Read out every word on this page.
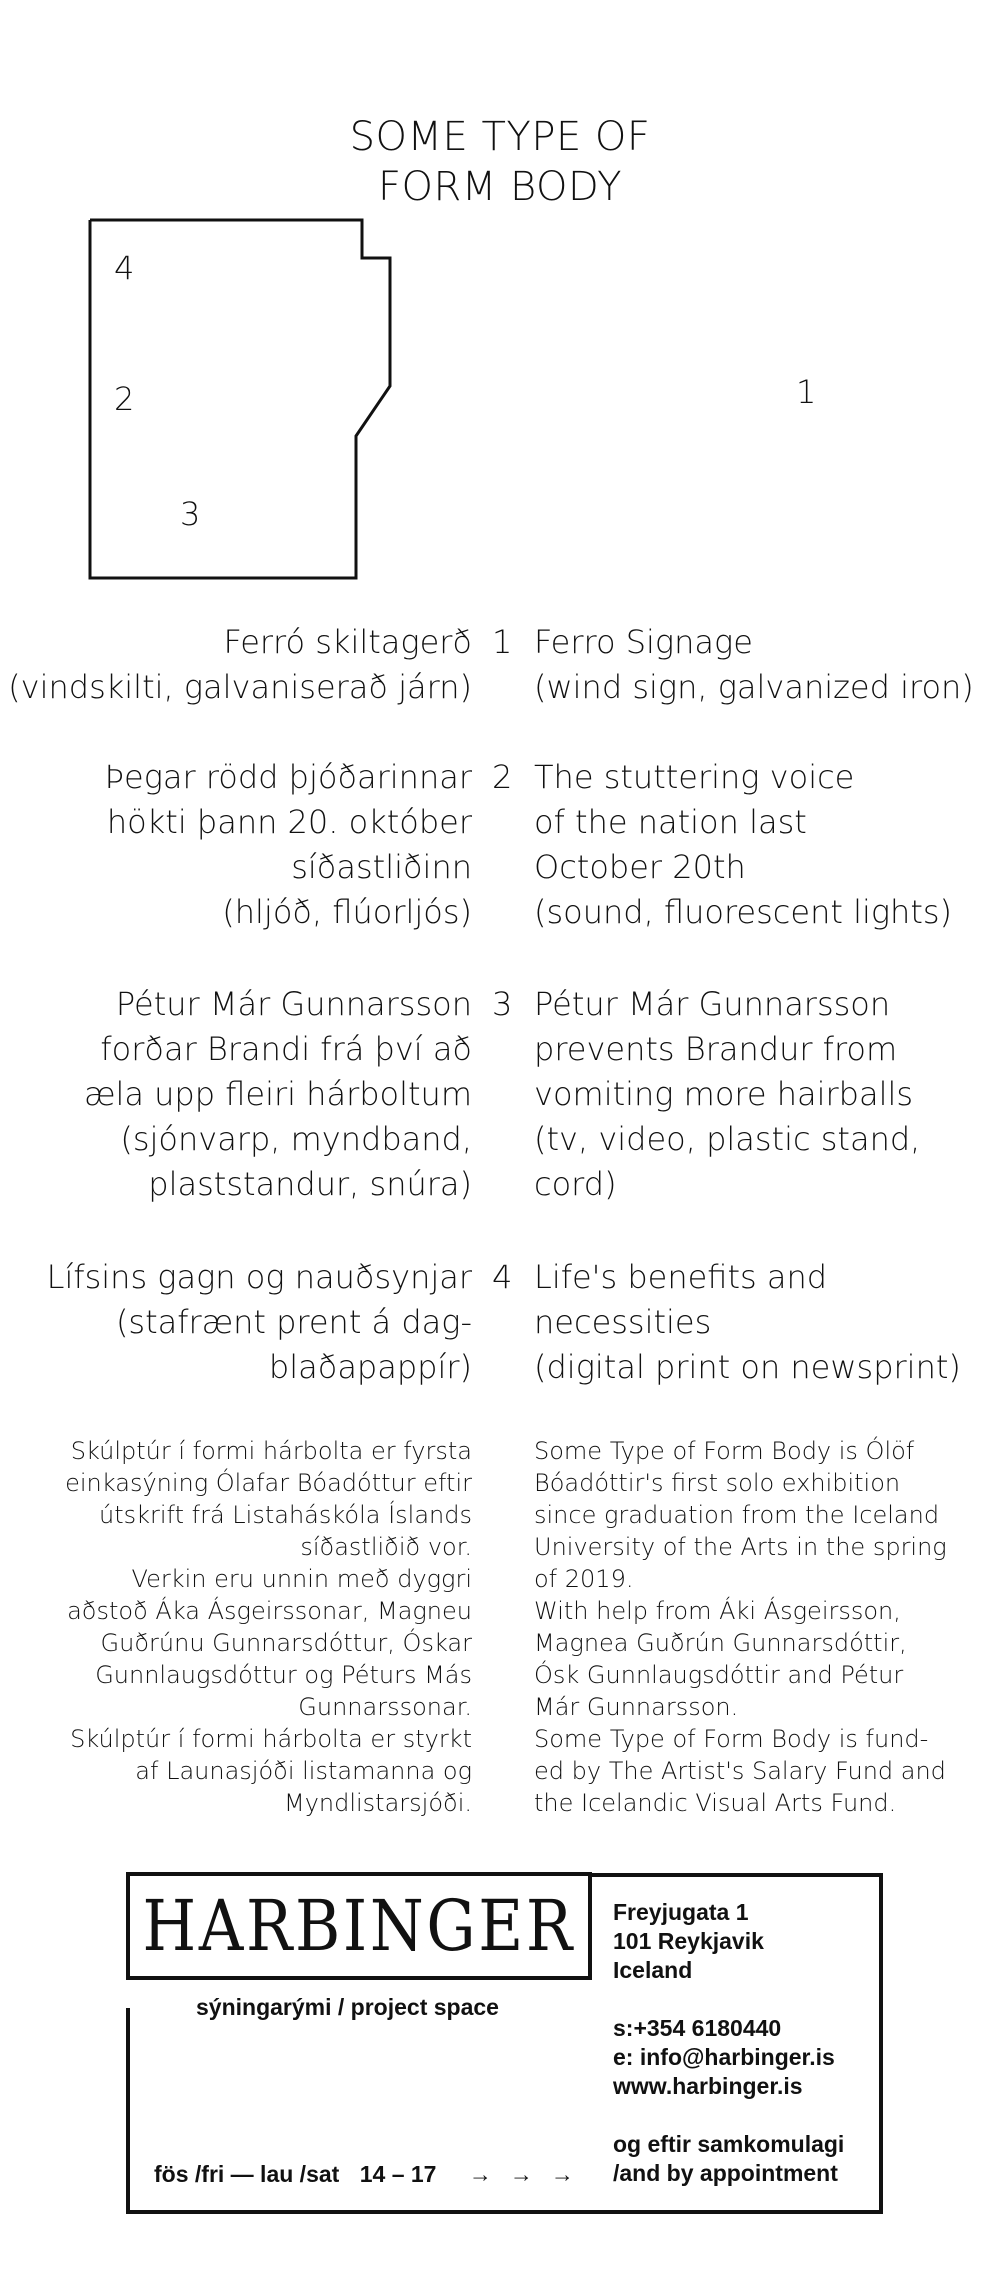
SOME TYPE OF
FORM BODY
4
2
3
1
Ferró skiltagerð
(vindskilti, galvaniserað járn)
1 Ferro Signage
(wind sign, galvanized iron)
Þegar rödd þjóðarinnar
hökti þann 20. október
síðastliðinn
(hljóð, flúorljós)
2 The stuttering voice
of the nation last
October 20th
(sound, fluorescent lights)
Pétur Már Gunnarsson
forðar Brandi frá því að
æla upp fleiri hárboltum
(sjónvarp, myndband,
plaststandur, snúra)
3 Pétur Már Gunnarsson
prevents Brandur from
vomiting more hairballs
(tv, video, plastic stand,
cord)
Lífsins gagn og nauðsynjar
(stafrænt prent á dag-
blaðapappír)
4 Life's benefits and
necessities
(digital print on newsprint)
Skúlptúr í formi hárbolta er fyrsta
einkasýning Ólafar Bóadóttur eftir
útskrift frá Listaháskóla Íslands
síðastliðið vor.
Verkin eru unnin með dyggri
aðstoð Áka Ásgeirssonar, Magneu
Guðrúnu Gunnarsdóttur, Óskar
Gunnlaugsdóttur og Péturs Más
Gunnarssonar.
Skúlptúr í formi hárbolta er styrkt
af Launasjóði listamanna og
Myndlistarsjóði.
Some Type of Form Body is Ólöf
Bóadóttir's first solo exhibition
since graduation from the Iceland
University of the Arts in the spring
of 2019.
With help from Áki Ásgeirsson,
Magnea Guðrún Gunnarsdóttir,
Ósk Gunnlaugsdóttir and Pétur
Már Gunnarsson.
Some Type of Form Body is fund-
ed by The Artist's Salary Fund and
the Icelandic Visual Arts Fund.
HARBINGER
sýningarými / project space
Freyjugata 1
101 Reykjavik
Iceland
s:+354 6180440
e: info@harbinger.is
www.harbinger.is
og eftir samkomulagi
/and by appointment
fös /fri — lau /sat 14 – 17 →→→
